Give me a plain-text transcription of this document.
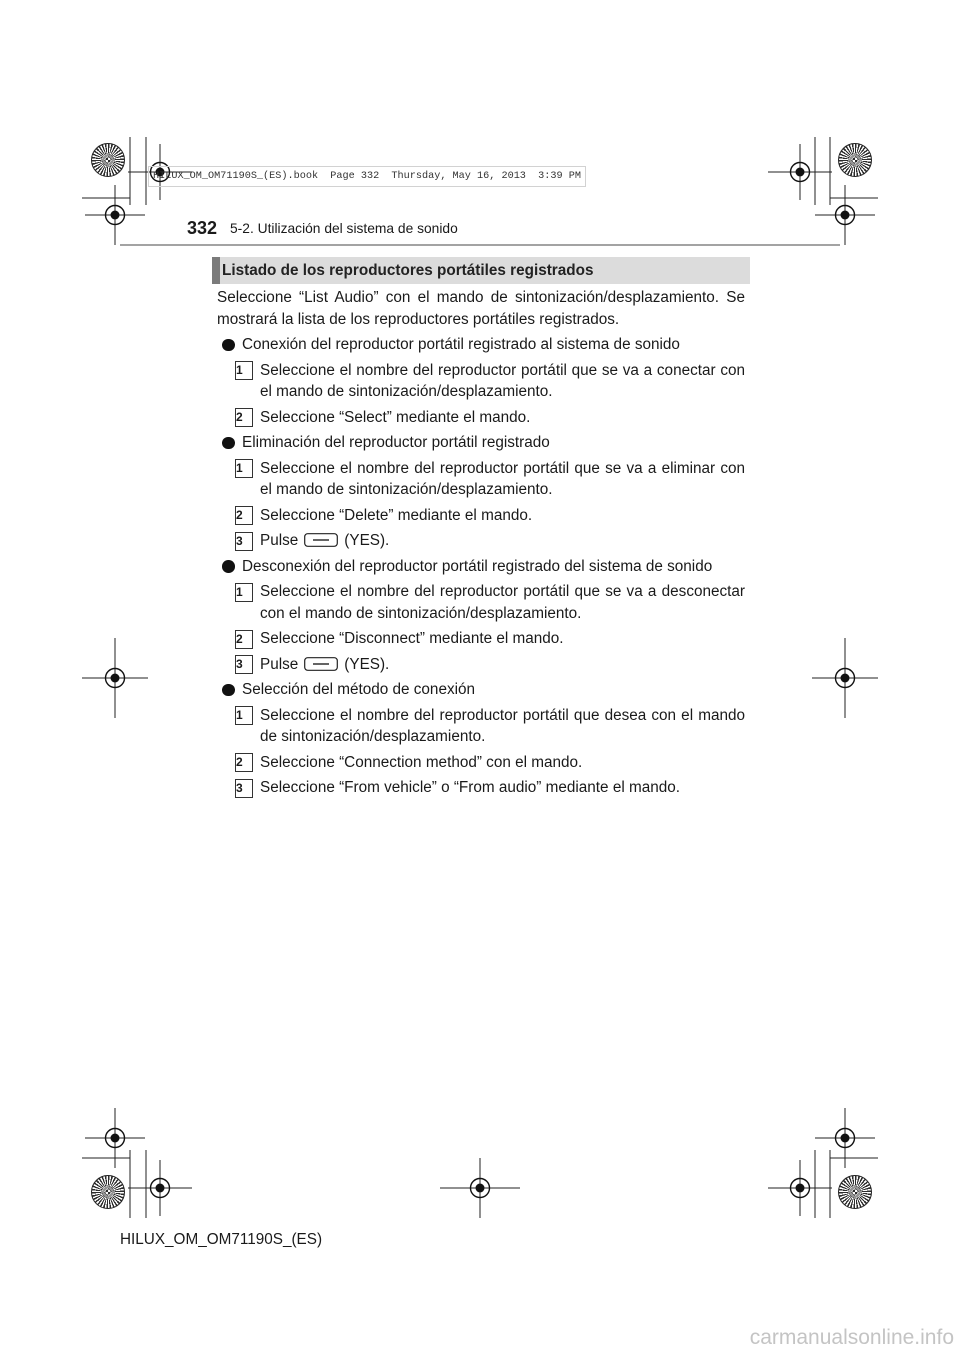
HILUX_OM_OM71190S_(ES).book  Page 332  Thursday, May 16, 2013  3:39 PM
332 5-2. Utilización del sistema de sonido
Listado de los reproductores portátiles registrados

Seleccione “List Audio” con el mando de sintonización/desplazamiento. Se mostrará la lista de los reproductores portátiles registrados.

Conexión del reproductor portátil registrado al sistema de sonido
1	Seleccione el nombre del reproductor portátil que se va a conectar con el mando de sintonización/desplazamiento.
2	Seleccione “Select” mediante el mando.
Eliminación del reproductor portátil registrado
1	Seleccione el nombre del reproductor portátil que se va a eliminar con el mando de sintonización/desplazamiento.
2	Seleccione “Delete” mediante el mando.
3	Pulse	(YES).
Desconexión del reproductor portátil registrado del sistema de sonido
1	Seleccione el nombre del reproductor portátil que se va a desconectar con el mando de sintonización/desplazamiento.
2	Seleccione “Disconnect” mediante el mando.
3	Pulse	(YES).
Selección del método de conexión
1	Seleccione el nombre del reproductor portátil que desea con el mando de sintonización/desplazamiento.
2	Seleccione “Connection method” con el mando.
3	Seleccione “From vehicle” o “From audio” mediante el mando.
HILUX_OM_OM71190S_(ES)
carmanualsonline.info
